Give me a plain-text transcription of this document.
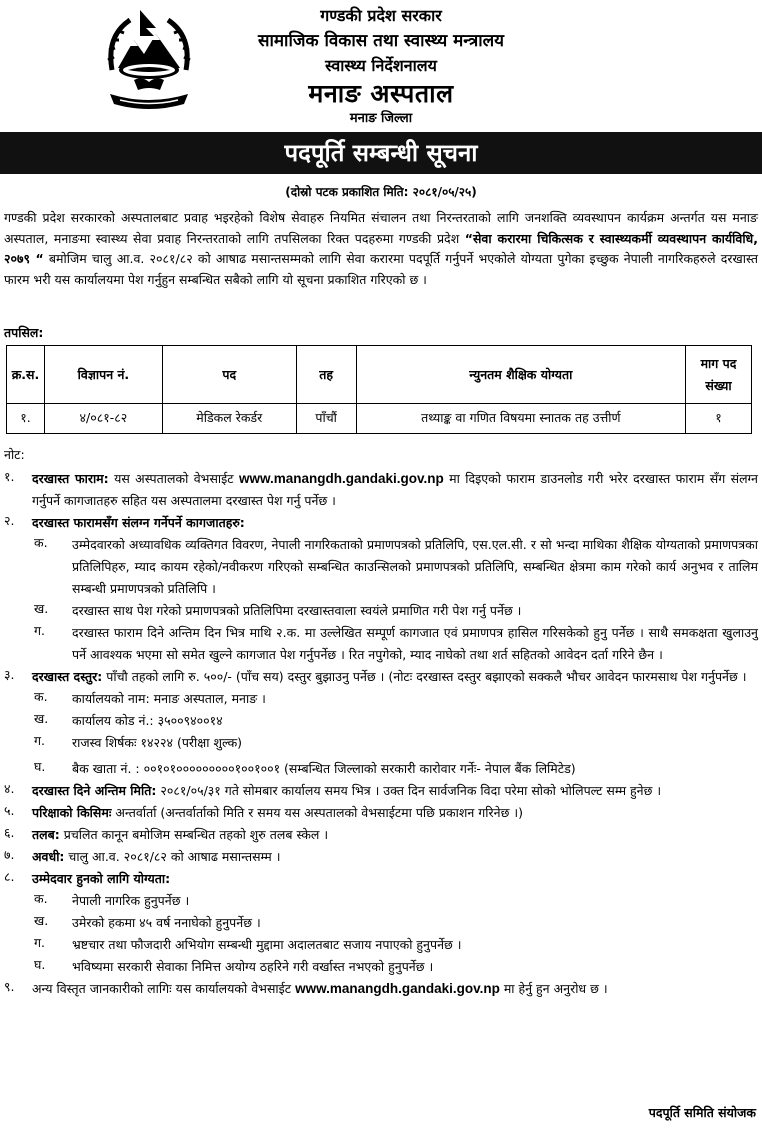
गण्डकी प्रदेश सरकार
सामाजिक विकास तथा स्वास्थ्य मन्त्रालय
स्वास्थ्य निर्देशनालय
मनाङ अस्पताल
मनाङ जिल्ला
पदपूर्ति सम्बन्धी सूचना
(दोस्रो पटक प्रकाशित मिति: २०८१/०५/२५)
गण्डकी प्रदेश सरकारको अस्पतालबाट प्रवाह भइरहेको विशेष सेवाहरु नियमित संचालन तथा निरन्तरताको लागि जनशक्ति व्यवस्थापन कार्यक्रम अन्तर्गत यस मनाङ अस्पताल, मनाङमा स्वास्थ्य सेवा प्रवाह निरन्तरताको लागि तपसिलका रिक्त पदहरुमा गण्डकी प्रदेश “सेवा करारमा चिकित्सक र स्वास्थ्यकर्मी व्यवस्थापन कार्यविधि, २०७९ “ बमोजिम चालु आ.व. २०८१/८२ को आषाढ मसान्तसम्मको लागि सेवा करारमा पदपूर्ति गर्नुपर्ने भएकोले योग्यता पुगेका इच्छुक नेपाली नागरिकहरुले दरखास्त फारम भरी यस कार्यालयमा पेश गर्नुहुन सम्बन्धित सबैको लागि यो सूचना प्रकाशित गरिएको छ ।
तपसिल:
क्र.स.	विज्ञापन नं.	पद	तह	न्युनतम शैक्षिक योग्यता	माग पद संख्या
१.	४/०८१-८२	मेडिकल रेकर्डर	पाँचौं	तथ्याङ्क वा गणित विषयमा स्नातक तह उत्तीर्ण	१
नोट:
१.	दरखास्त फाराम: यस अस्पतालको वेभसाईट www.manangdh.gandaki.gov.np मा दिइएको फाराम डाउनलोड गरी भरेर दरखास्त फाराम सँग संलग्न गर्नुपर्ने कागजातहरु सहित यस अस्पतालमा दरखास्त पेश गर्नु पर्नेछ ।
२.	दरखास्त फारामसँग संलग्न गर्नेपर्ने कागजातहरु:
क.	उम्मेदवारको अध्यावधिक व्यक्तिगत विवरण, नेपाली नागरिकताको प्रमाणपत्रको प्रतिलिपि, एस.एल.सी. र सो भन्दा माथिका शैक्षिक योग्यताको प्रमाणपत्रका प्रतिलिपिहरु, म्याद कायम रहेको/नवीकरण गरिएको सम्बन्धित काउन्सिलको प्रमाणपत्रको प्रतिलिपि, सम्बन्धित क्षेत्रमा काम गरेको कार्य अनुभव र तालिम सम्बन्धी प्रमाणपत्रको प्रतिलिपि ।
ख.	दरखास्त साथ पेश गरेको प्रमाणपत्रको प्रतिलिपिमा दरखास्तवाला स्वयंले प्रमाणित गरी पेश गर्नु पर्नेछ ।
ग.	दरखास्त फाराम दिने अन्तिम दिन भित्र माथि २.क. मा उल्लेखित सम्पूर्ण कागजात एवं प्रमाणपत्र हासिल गरिसकेको हुनु पर्नेछ । साथै समकक्षता खुलाउनु पर्ने आवश्यक भएमा सो समेत खुल्ने कागजात पेश गर्नुपर्नेछ । रित नपुगेको, म्याद नाघेको तथा शर्त सहितको आवेदन दर्ता गरिने छैन ।
३.	दरखास्त दस्तुर: पाँचौ तहको लागि रु. ५००/- (पाँच सय) दस्तुर बुझाउनु पर्नेछ । (नोटः दरखास्त दस्तुर बझाएको सक्कलै भौचर आवेदन फारमसाथ पेश गर्नुपर्नेछ ।
क.	कार्यालयको नाम: मनाङ अस्पताल, मनाङ ।
ख.	कार्यालय कोड नं.: ३५००९४००१४
ग.	राजस्व शिर्षकः १४२२४ (परीक्षा शुल्क)
घ.	बैक खाता नं. : ००१०१०००००००००१००१००१ (सम्बन्धित जिल्लाको सरकारी कारोवार गर्नेः- नेपाल बैंक लिमिटेड)
४.	दरखास्त दिने अन्तिम मिति: २०८१/०५/३१ गते सोमबार कार्यालय समय भित्र । उक्त दिन सार्वजनिक विदा परेमा सोको भोलिपल्ट सम्म हुनेछ ।
५.	परिक्षाको किसिमः अन्तर्वार्ता (अन्तर्वार्ताको मिति र समय यस अस्पतालको वेभसाईटमा पछि प्रकाशन गरिनेछ ।)
६.	तलब: प्रचलित कानून बमोजिम सम्बन्धित तहको शुरु तलब स्केल ।
७.	अवधी: चालु आ.व. २०८१/८२ को आषाढ मसान्तसम्म ।
८.	उम्मेदवार हुनको लागि योग्यता:
क.	नेपाली नागरिक हुनुपर्नेछ ।
ख.	उमेरको हकमा ४५ वर्ष ननाघेको हुनुपर्नेछ ।
ग.	भ्रष्टचार तथा फौजदारी अभियोग सम्बन्धी मुद्दामा अदालतबाट सजाय नपाएको हुनुपर्नेछ ।
घ.	भविष्यमा सरकारी सेवाका निमित्त अयोग्य ठहरिने गरी वर्खास्त नभएको हुनुपर्नेछ ।
९.	अन्य विस्तृत जानकारीको लागिः यस कार्यालयको वेभसाईट www.manangdh.gandaki.gov.np मा हेर्नु हुन अनुरोध छ ।
पदपूर्ति समिति संयोजक
